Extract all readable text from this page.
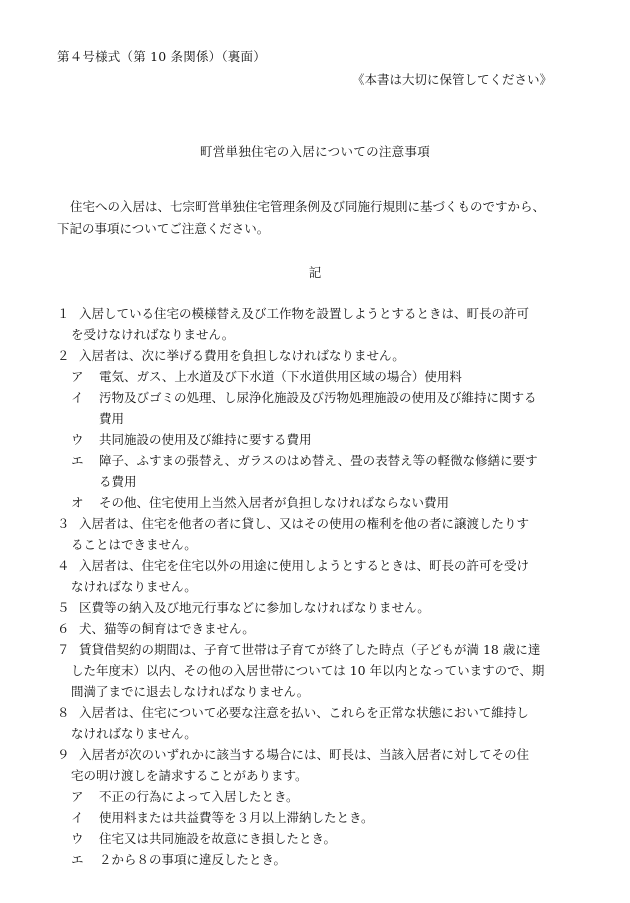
第４号様式（第 10 条関係）（裏面）
《本書は大切に保管してください》
町営単独住宅の入居についての注意事項

住宅への入居は、七宗町営単独住宅管理条例及び同施行規則に基づくものですから、

下記の事項についてご注意ください。
記
１ 入居している住宅の模様替え及び工作物を設置しようとするときは、町長の許可
を受けなければなりません。
２ 入居者は、次に挙げる費用を負担しなければなりません。
ア 電気、ガス、上水道及び下水道（下水道供用区域の場合）使用料
イ 汚物及びゴミの処理、し尿浄化施設及び汚物処理施設の使用及び維持に関する
費用
ウ 共同施設の使用及び維持に要する費用
エ 障子、ふすまの張替え、ガラスのはめ替え、畳の表替え等の軽微な修繕に要す
る費用
オ その他、住宅使用上当然入居者が負担しなければならない費用
３ 入居者は、住宅を他者の者に貸し、又はその使用の権利を他の者に譲渡したりす
ることはできません。
４ 入居者は、住宅を住宅以外の用途に使用しようとするときは、町長の許可を受け
なければなりません。
５ 区費等の納入及び地元行事などに参加しなければなりません。
６ 犬、猫等の飼育はできません。
７ 賃貸借契約の期間は、子育て世帯は子育てが終了した時点（子どもが満 18 歳に達
した年度末）以内、その他の入居世帯については 10 年以内となっていますので、期
間満了までに退去しなければなりません。
８ 入居者は、住宅について必要な注意を払い、これらを正常な状態において維持し
なければなりません。
９ 入居者が次のいずれかに該当する場合には、町長は、当該入居者に対してその住
宅の明け渡しを請求することがあります。
ア 不正の行為によって入居したとき。
イ 使用料または共益費等を３月以上滞納したとき。
ウ 住宅又は共同施設を故意にき損したとき。
エ ２から８の事項に違反したとき。
